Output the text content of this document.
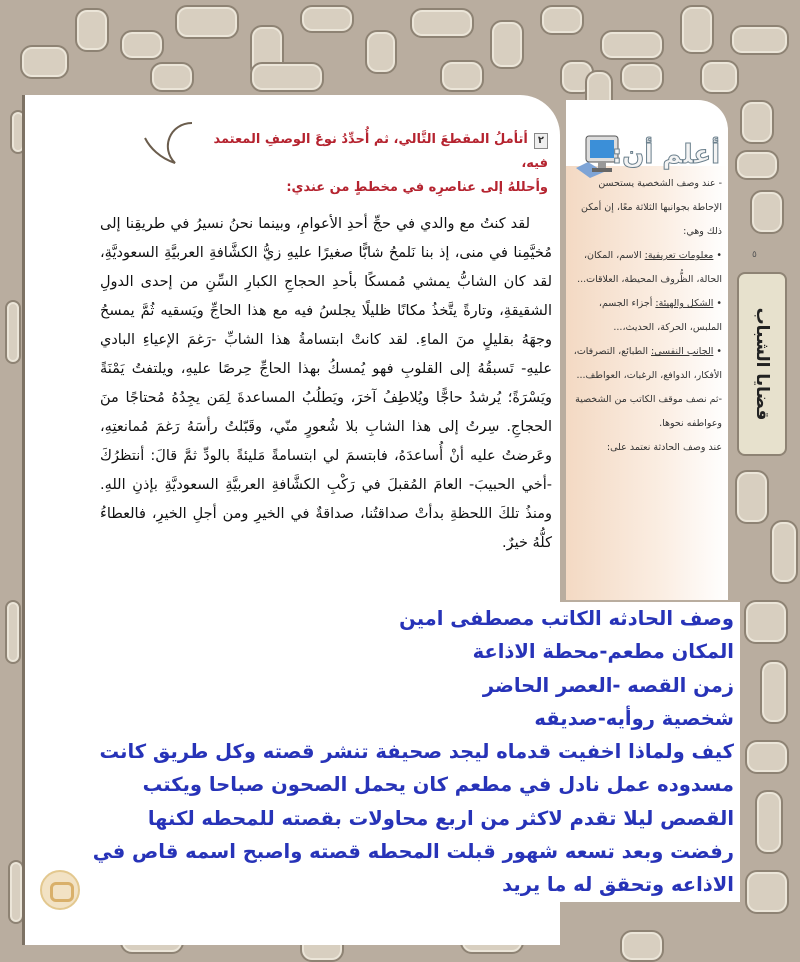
٢أتأملُ المقطعَ التَّالي، ثم أُحدِّدُ نوعَ الوصفِ المعتمد فيه،
وأحللهُ إلى عناصرِه في مخططٍ من عندي:
لقد كنتُ مع والدي في حجِّ أحدِ الأعوامِ، وبينما نحنُ نسيرُ في طريقِنا إلى مُخيَّمِنا في منى، إذ بنا نَلمحُ شابًّا صغيرًا عليهِ زيُّ الكشَّافةِ العربيَّةِ السعوديَّةِ، لقد كان الشابُّ يمشي مُمسكًا بأحدِ الحجاجِ الكبارِ السِّنِ من إحدى الدولِ الشقيقةِ، وتارةً يتَّخذُ مكانًا ظليلًا يجلسُ فيه مع هذا الحاجِّ ويَسقيه ثُمَّ يمسحُ وجهَهُ بقليلٍ منَ الماءِ. لقد كانتْ ابتسامةُ هذا الشابِّ -رَغمَ الإعياءِ البادي عليهِ- تَسبقُهُ إلى القلوبِ فهو يُمسكُ بهذا الحاجِّ حِرصًا عليهِ، ويلتفتُ يَمْنَةً ويَسْرَةً؛ يُرشدُ حاجًّا ويُلاطِفُ آخرَ، ويَطلُبُ المساعدةَ لِمَن يجِدُهُ مُحتاجًا منَ الحجاجِ. سِرتُ إلى هذا الشابِ بلا شُعورٍ منّي، وقَبّلتُ رأسَهُ رَغمَ مُمانعتِهِ، وعَرضتُ عليه أنْ أُساعدَهُ، فابتسمَ لي ابتسامةً مَليئةً بالودِّ ثمَّ قالَ: أنتظرُكَ -أخي الحبيبَ- العامَ المُقبلَ في رَكْبِ الكشَّافةِ العربيَّةِ السعوديَّةِ بإذنِ اللهِ. ومنذُ تلكَ اللحظةِ بدأتْ صداقتُنا، صداقةٌ في الخيرِ ومن أجلِ الخيرِ، فالعطاءُ كلُّهُ خيرٌ.
أعلم أن:
- عند وصف الشخصية يستحسن الإحاطة بجوانبها الثلاثة معًا، إن أمكن ذلك وهي:
• معلومات تعريفية: الاسم، المكان، الحالة، الظُّروف المحيطة، العلاقات...
• الشكل والهيئة: أجزاء الجسم، الملبس، الحركة، الحديث،...
• الجانب النفسي: الطبائع، التصرفات، الأفكار، الدوافع، الرغبات، العواطف...
-ثم نصف موقف الكاتب من الشخصية وعواطفه نحوها.
عند وصف الحادثة نعتمد على:
٥
قضايا الشباب
وصف الحادثه الكاتب مصطفى امين
المكان مطعم-محطة الاذاعة
زمن القصه -العصر الحاضر
شخصية روأيه-صديقه
كيف ولماذا اخفيت قدماه ليجد صحيفة تنشر قصته وكل طريق كانت
مسدوده عمل نادل في مطعم كان يحمل الصحون صباحا ويكتب
القصص ليلا تقدم لاكثر من اربع محاولات بقصته للمحطه لكنها
رفضت وبعد تسعه شهور قبلت المحطه قصته واصبح اسمه قاص في
الاذاعه وتحقق له ما يريد
